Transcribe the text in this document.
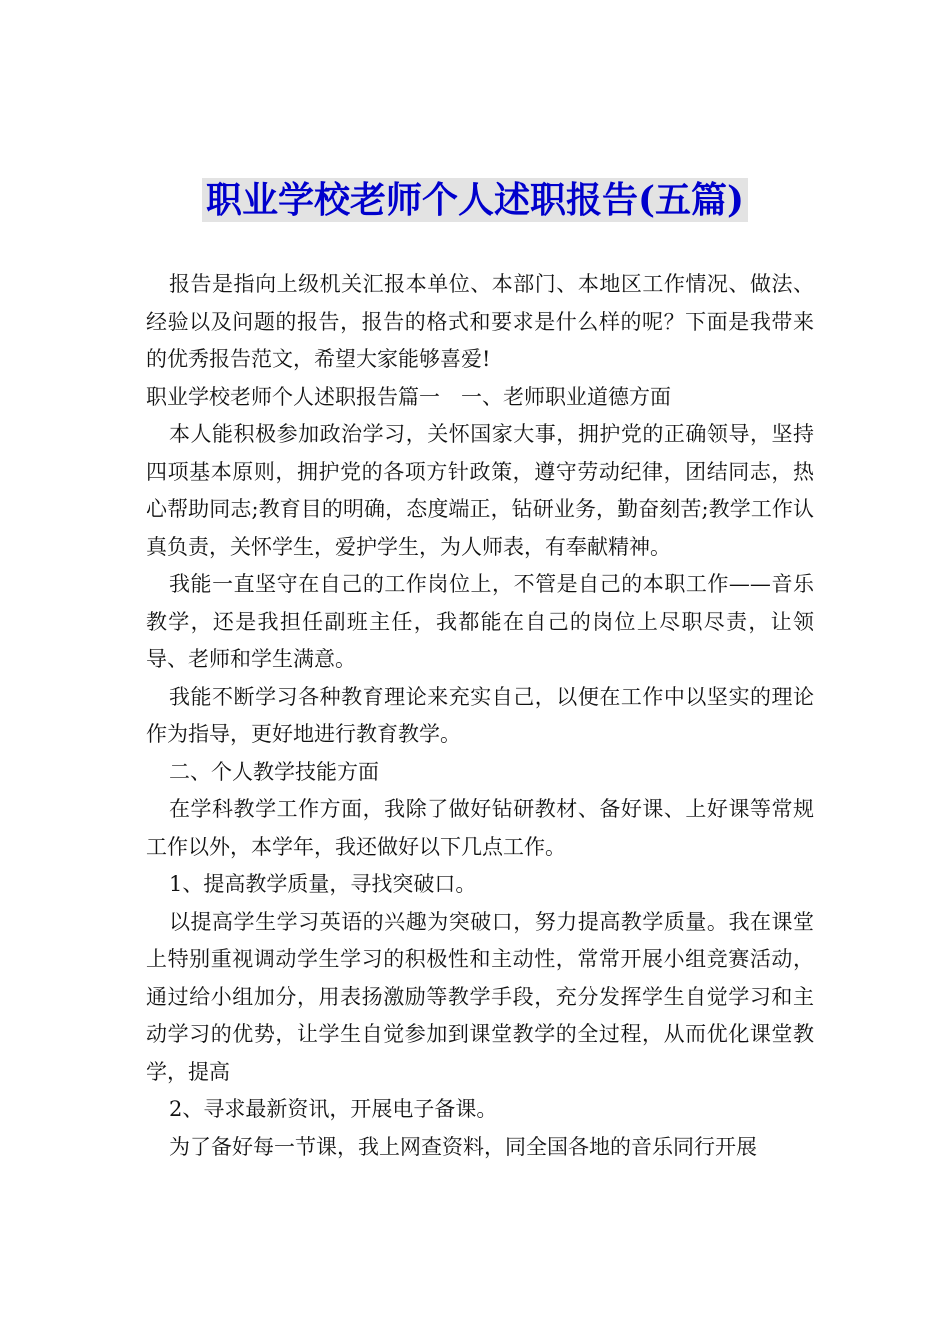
职业学校老师个人述职报告(五篇)

报告是指向上级机关汇报本单位、本部门、本地区工作情况、做法、经验以及问题的报告，报告的格式和要求是什么样的呢？下面是我带来的优秀报告范文，希望大家能够喜爱!

职业学校老师个人述职报告篇一　一、老师职业道德方面

本人能积极参加政治学习，关怀国家大事，拥护党的正确领导，坚持四项基本原则，拥护党的各项方针政策，遵守劳动纪律，团结同志，热心帮助同志;教育目的明确，态度端正，钻研业务，勤奋刻苦;教学工作认真负责，关怀学生，爱护学生，为人师表，有奉献精神。

我能一直坚守在自己的工作岗位上，不管是自己的本职工作——音乐教学，还是我担任副班主任，我都能在自己的岗位上尽职尽责，让领导、老师和学生满意。

我能不断学习各种教育理论来充实自己，以便在工作中以坚实的理论作为指导，更好地进行教育教学。

二、个人教学技能方面

在学科教学工作方面，我除了做好钻研教材、备好课、上好课等常规工作以外，本学年，我还做好以下几点工作。

1、提高教学质量，寻找突破口。

以提高学生学习英语的兴趣为突破口，努力提高教学质量。我在课堂上特别重视调动学生学习的积极性和主动性，常常开展小组竞赛活动，通过给小组加分，用表扬激励等教学手段，充分发挥学生自觉学习和主动学习的优势，让学生自觉参加到课堂教学的全过程，从而优化课堂教学，提高

2、寻求最新资讯，开展电子备课。

为了备好每一节课，我上网查资料，同全国各地的音乐同行开展
